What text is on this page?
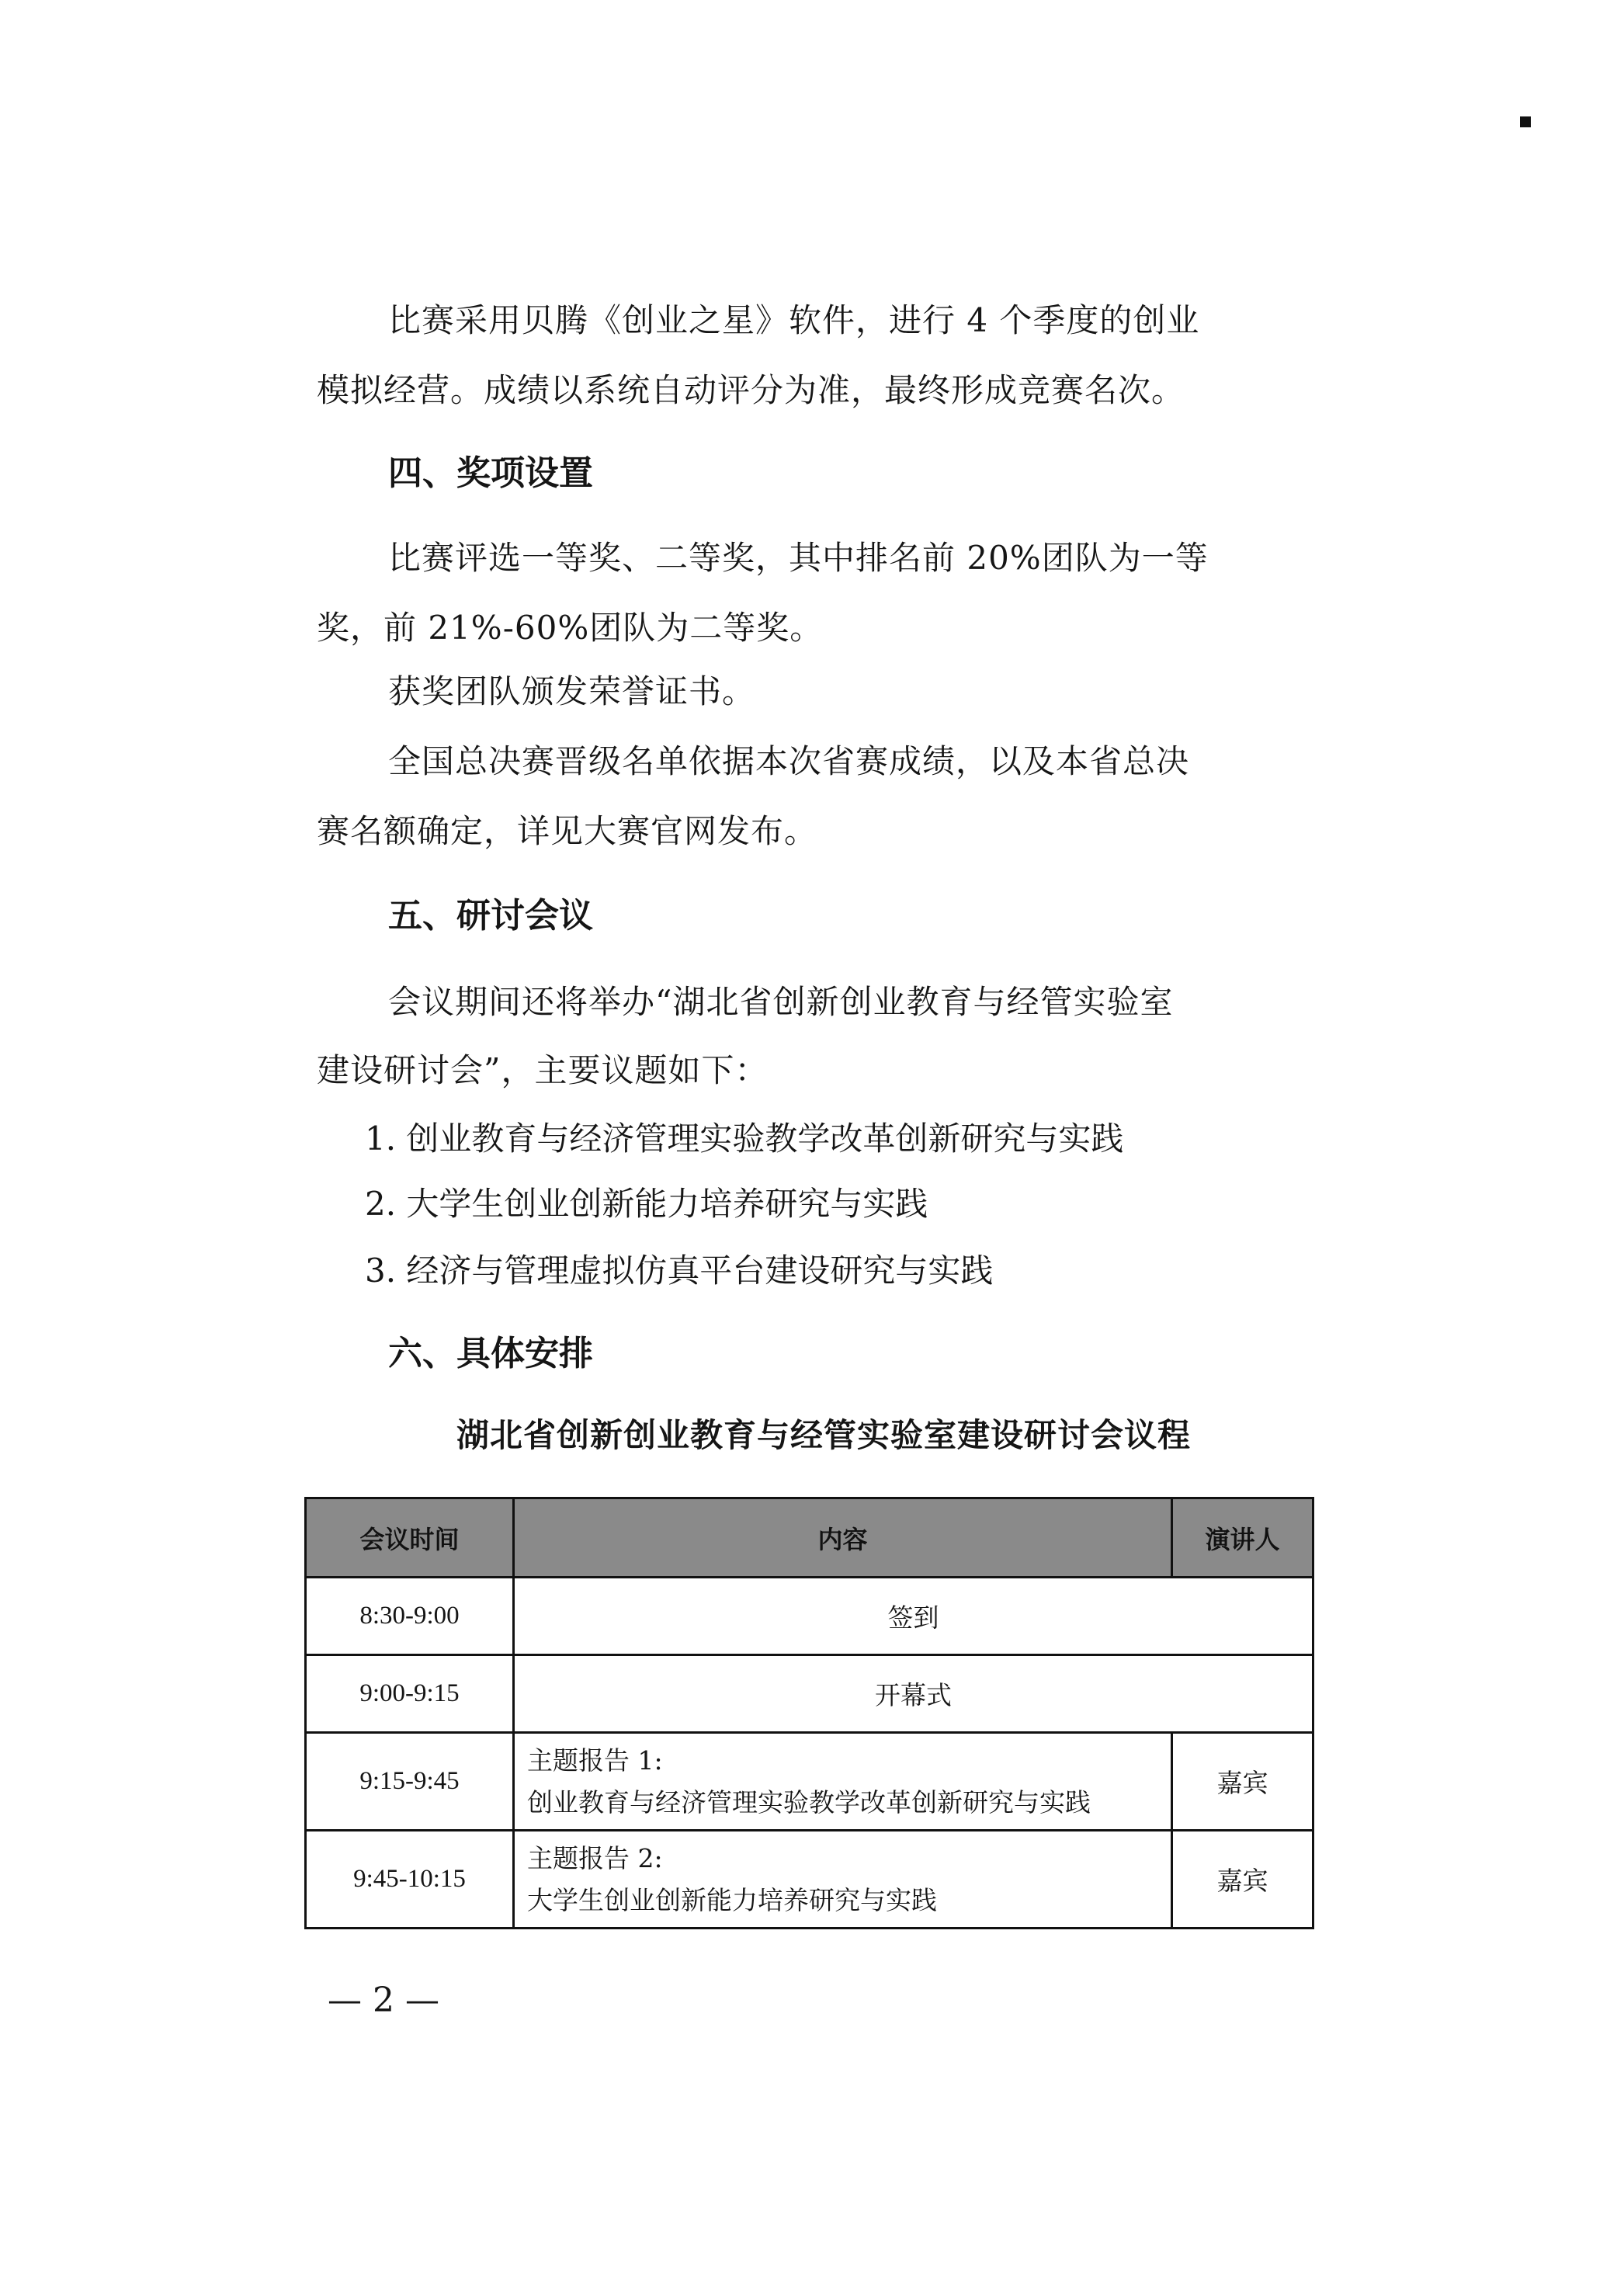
比赛采用贝腾《创业之星》软件，进行 4 个季度的创业
模拟经营。成绩以系统自动评分为准，最终形成竞赛名次。
四、奖项设置
比赛评选一等奖、二等奖，其中排名前 20%团队为一等
奖，前 21%-60%团队为二等奖。
获奖团队颁发荣誉证书。
全国总决赛晋级名单依据本次省赛成绩，以及本省总决
赛名额确定，详见大赛官网发布。
五、研讨会议
会议期间还将举办“湖北省创新创业教育与经管实验室
建设研讨会”，主要议题如下：
1. 创业教育与经济管理实验教学改革创新研究与实践
2. 大学生创业创新能力培养研究与实践
3. 经济与管理虚拟仿真平台建设研究与实践
六、具体安排
湖北省创新创业教育与经管实验室建设研讨会议程
会议时间	内容	演讲人
8:30-9:00	签到	
9:00-9:15	开幕式	
9:15-9:45	主题报告 1:
创业教育与经济管理实验教学改革创新研究与实践	嘉宾
9:45-10:15	主题报告 2:
大学生创业创新能力培养研究与实践	嘉宾
— 2 —
